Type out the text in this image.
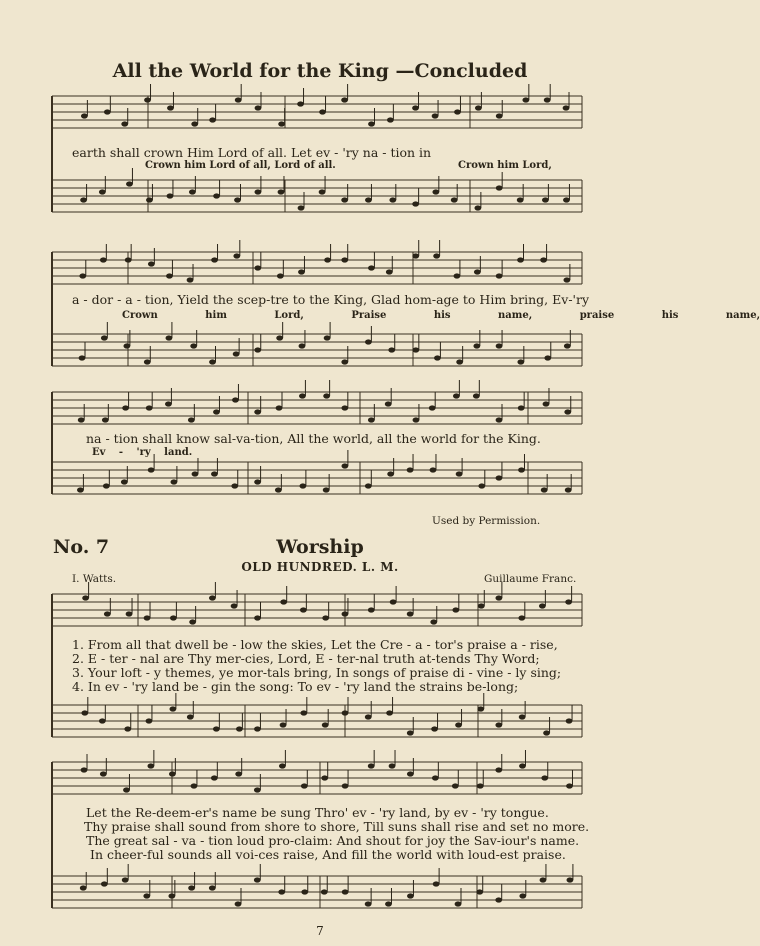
All the World for the King —Concluded
earth shall crown Him Lord of all. Let ev - 'ry na - tion in
Crown him Lord of all, Lord of all.	Crown him Lord,
a - dor - a - tion, Yield the scep-tre to the King, Glad hom-age to Him bring, Ev-'ry
Crown him Lord, Praise his name, praise his name,
na - tion shall know sal-va-tion, All the world, all the world for the King.
Ev - 'ry land.
Used by Permission.
No. 7	Worship
OLD HUNDRED. L. M.
I. Watts.	Guillaume Franc.
1. From all that dwell be - low the skies, Let the Cre - a - tor's praise a - rise,
2. E - ter - nal are Thy mer-cies, Lord, E - ter-nal truth at-tends Thy Word;
3. Your loft - y themes, ye mor-tals bring, In songs of praise di - vine - ly sing;
4. In ev - 'ry land be - gin the song: To ev - 'ry land the strains be-long;
Let the Re-deem-er's name be sung Thro' ev - 'ry land, by ev - 'ry tongue.
Thy praise shall sound from shore to shore, Till suns shall rise and set no more.
The great sal - va - tion loud pro-claim: And shout for joy the Sav-iour's name.
In cheer-ful sounds all voi-ces raise, And fill the world with loud-est praise.
7
